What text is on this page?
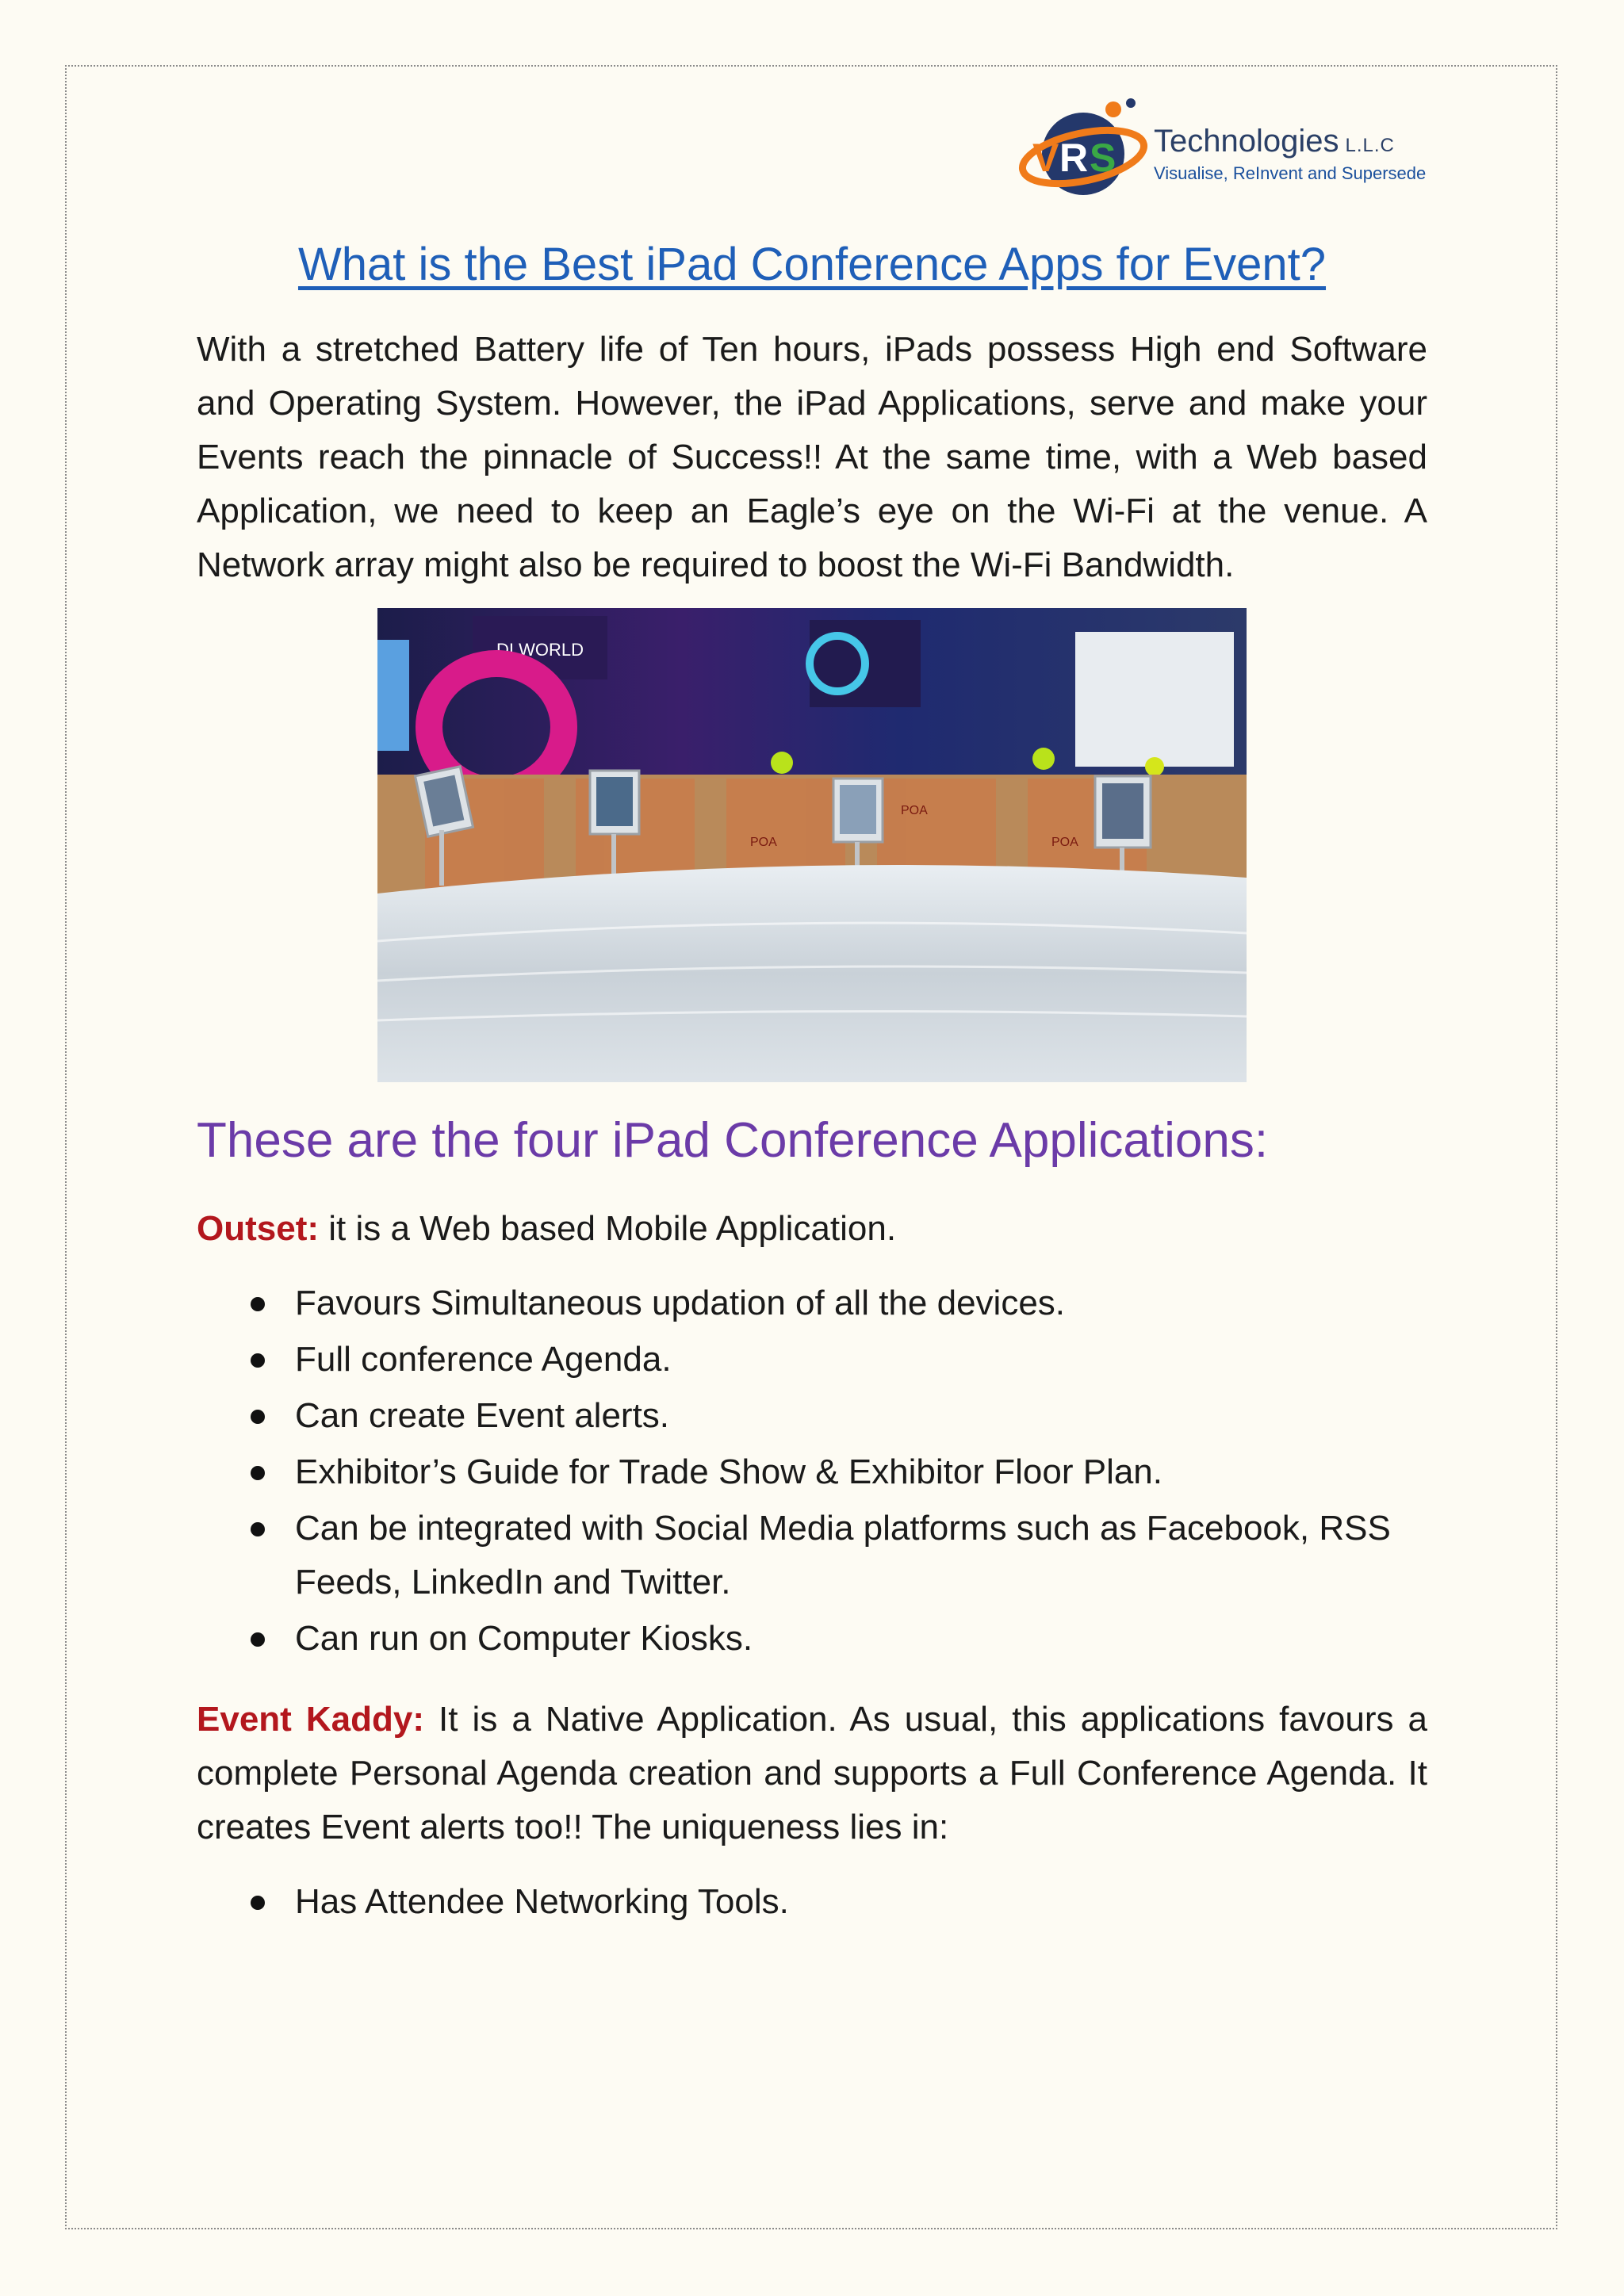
V R S Technologies L.L.C
Visualise, ReInvent and Supersede
What is the Best iPad Conference Apps for Event?

With a stretched Battery life of Ten hours, iPads possess High end Software and Operating System. However, the iPad Applications, serve and make your Events reach the pinnacle of Success!! At the same time, with a Web based Application, we need to keep an Eagle’s eye on the Wi-Fi at the venue. A Network array might also be required to boost the Wi-Fi Bandwidth.

DI WORLD
POA
POA
POA
These are the four iPad Conference Applications:

Outset: it is a Web based Mobile Application.

Favours Simultaneous updation of all the devices.
Full conference Agenda.
Can create Event alerts.
Exhibitor’s Guide for Trade Show & Exhibitor Floor Plan.
Can be integrated with Social Media platforms such as Facebook, RSS Feeds, LinkedIn and Twitter.
Can run on Computer Kiosks.

Event Kaddy: It is a Native Application. As usual, this applications favours a complete Personal Agenda creation and supports a Full Conference Agenda. It creates Event alerts too!! The uniqueness lies in:

Has Attendee Networking Tools.
